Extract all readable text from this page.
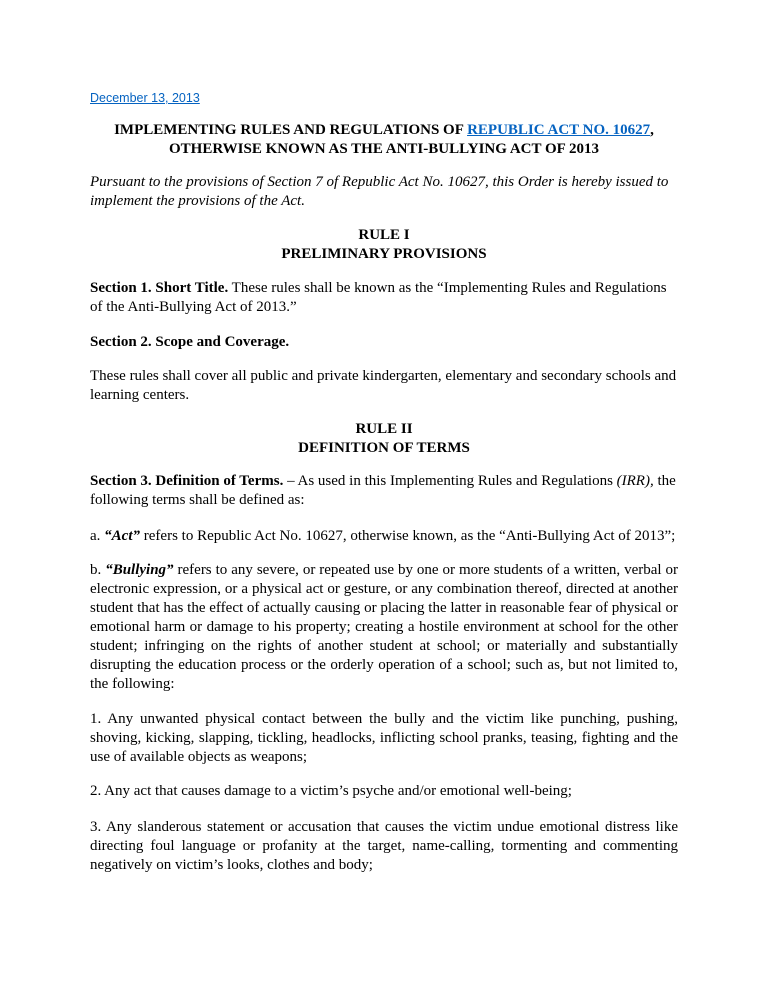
December 13, 2013
IMPLEMENTING RULES AND REGULATIONS OF REPUBLIC ACT NO. 10627,
OTHERWISE KNOWN AS THE ANTI-BULLYING ACT OF 2013
Pursuant to the provisions of Section 7 of Republic Act No. 10627, this Order is hereby issued to implement the provisions of the Act.
RULE I
PRELIMINARY PROVISIONS
Section 1. Short Title. These rules shall be known as the “Implementing Rules and Regulations of the Anti-Bullying Act of 2013.”
Section 2. Scope and Coverage.
These rules shall cover all public and private kindergarten, elementary and secondary schools and learning centers.
RULE II
DEFINITION OF TERMS
Section 3. Definition of Terms. – As used in this Implementing Rules and Regulations (IRR), the following terms shall be defined as:
a. “Act” refers to Republic Act No. 10627, otherwise known, as the “Anti-Bullying Act of 2013”;
b. “Bullying” refers to any severe, or repeated use by one or more students of a written, verbal or electronic expression, or a physical act or gesture, or any combination thereof, directed at another student that has the effect of actually causing or placing the latter in reasonable fear of physical or emotional harm or damage to his property; creating a hostile environment at school for the other student; infringing on the rights of another student at school; or materially and substantially disrupting the education process or the orderly operation of a school; such as, but not limited to, the following:
1. Any unwanted physical contact between the bully and the victim like punching, pushing, shoving, kicking, slapping, tickling, headlocks, inflicting school pranks, teasing, fighting and the use of available objects as weapons;
2. Any act that causes damage to a victim’s psyche and/or emotional well-being;
3. Any slanderous statement or accusation that causes the victim undue emotional distress like directing foul language or profanity at the target, name-calling, tormenting and commenting negatively on victim’s looks, clothes and body;
